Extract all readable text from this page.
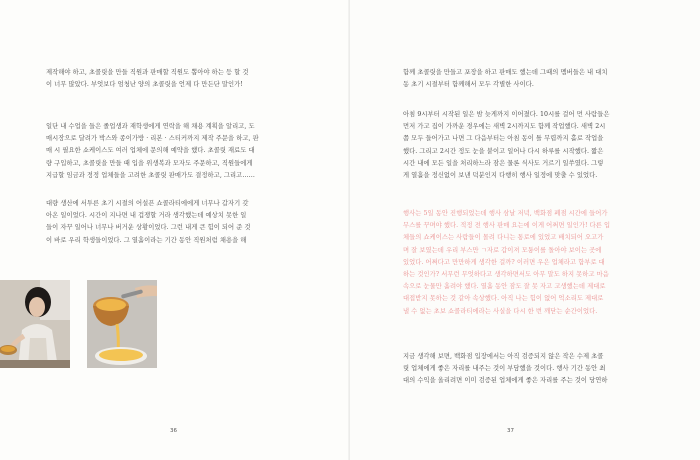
제작해야 하고, 초콜릿을 만들 직원과 판매할 직원도 뽑아야 하는 등 할 것
이 너무 많았다. 부엇보다 엄청난 양의 초콜릿을 언제 다 만든단 말인가!

일단 내 수업을 들은 졸업생과 재학생에게 연락을 해 채용 계획을 알리고, 도
매시장으로 달려가 박스와 종이가방 · 리본 · 스티커까지 제작 주문을 하고, 판
매 시 필요한 쇼케이스도 여러 업체에 문의해 예약을 했다. 초콜릿 재료도 대
량 구입하고, 초콜릿을 만들 때 입을 위생복과 모자도 주문하고, 직원들에게
지급할 임금과 정정 업체들을 고려한 초콜릿 판매가도 결정하고, 그리고……

대량 생산에 서투른 초기 시절의 어설픈 쇼콜라티에에게 너무나 갑자기 갖
아온 일이었다. 시간이 지나면 내 겁쟁할 거라 생각했는데 예상치 못한 일
들이 자꾸 일어나 너무나 버거운 상황이었다. 그런 내게 큰 힘이 되어 준 것
이 바로 우리 학생들이었다. 그 열흘이라는 기간 동안 직원처럼 채용을 해

36	37

함께 초콜릿을 만들고 포장을 하고 판매도 했는데 그때의 멤버들은 내 대치
동 초기 시절부터 함께해서 모두 각별한 사이다.

아침 9시부터 시작된 일은 밤 늦게까지 이어졌다. 10시를 걸어 먼 사람들은
먼저 가고 집이 가까운 경우에는 새벽 2시까지도 함께 작업했다. 새벽 2시
쯤 모두 들어가고 나면 그 다음부터는 아침 동이 틀 무렵까지 홀로 작업을
했다. 그리고 2시간 정도 눈을 붙이고 일어나 다시 하루를 시작했다. 짧은
시간 내에 모든 일을 처리하느라 잠은 물론 식사도 거르기 일쑤였다. 그렇
게 열흘을 정신없이 보낸 덕분인지 다행히 행사 일정에 맞출 수 있었다.

행사는 5일 동안 진행되었는데 행사 삼날 저녁, 백화점 폐점 시간에 들어가
무스를 꾸며야 했다. 적정 전 행사 판매 요는에 이게 어쩌면 일인가! 다른 입
체들의 쇼케이스는 사람들이 몰려 다니는 통로에 있었고 배치되어 오고가
며 잘 보였는데 우리 부스만 ㄱ자로 갑이져 모퉁이를 돌아야 보이는 곳에
있었다. 어쩌다고 만만하게 생각한 걸까? 이러면 우은 업체라고 함부로 대
하는 것인가? 서무런 무엇하다고 생각하면서도 아무 말도 하지 못하고 마음
속으로 눈물만 흘려야 했다. 열흘 동안 잠도 잘 못 자고 고생했는데 제대로
대접받지 못하는 것 같아 속상했다. 아직 나는 힘이 없어 억소리도 제대로
낼 수 없는 초보 쇼콜라티에라는 사실을 다시 한 번 깨닫는 순간이었다.

지금 생각해 보면, 백화점 입장에서는 아직 검증되지 않은 작은 수제 초콜
릿 업체에게 좋은 자리를 내주는 것이 부담했을 것이다. 행사 기간 동안 최
대의 수익을 올리려면 이미 검증된 업체에게 좋은 자리를 주는 것이 당연하
